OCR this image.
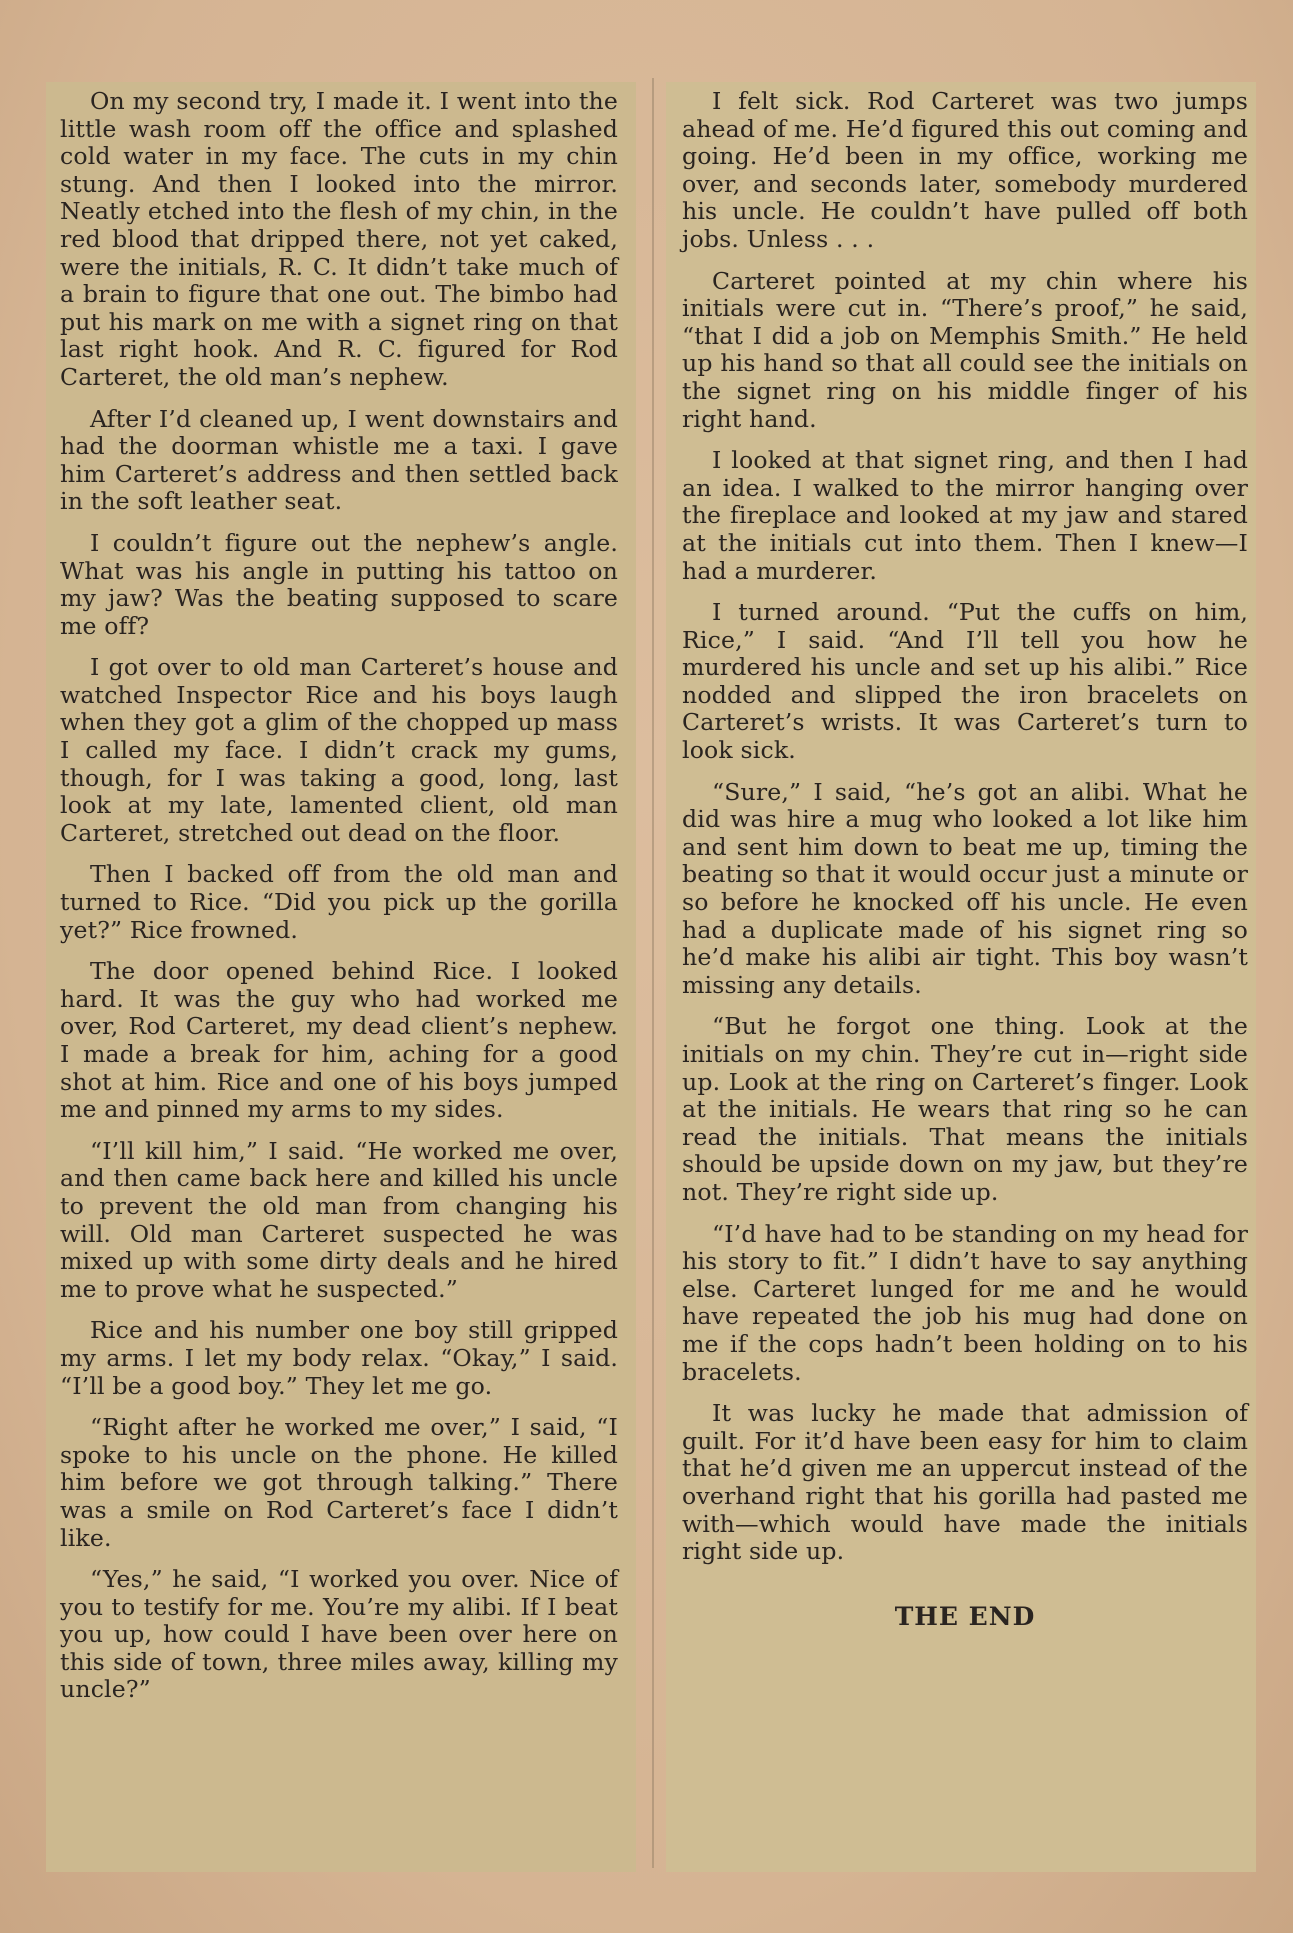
On my second try, I made it. I went into the little wash room off the office and splashed cold water in my face. The cuts in my chin stung. And then I looked into the mirror. Neatly etched into the flesh of my chin, in the red blood that dripped there, not yet caked, were the initials, R. C. It didn’t take much of a brain to figure that one out. The bimbo had put his mark on me with a signet ring on that last right hook. And R. C. figured for Rod Carteret, the old man’s nephew.

After I’d cleaned up, I went downstairs and had the doorman whistle me a taxi. I gave him Carteret’s address and then settled back in the soft leather seat.

I couldn’t figure out the nephew’s angle. What was his angle in putting his tattoo on my jaw? Was the beating supposed to scare me off?

I got over to old man Carteret’s house and watched Inspector Rice and his boys laugh when they got a glim of the chopped up mass I called my face. I didn’t crack my gums, though, for I was taking a good, long, last look at my late, lamented client, old man Carteret, stretched out dead on the floor.

Then I backed off from the old man and turned to Rice. “Did you pick up the gorilla yet?” Rice frowned.

The door opened behind Rice. I looked hard. It was the guy who had worked me over, Rod Carteret, my dead client’s nephew. I made a break for him, aching for a good shot at him. Rice and one of his boys jumped me and pinned my arms to my sides.

“I’ll kill him,” I said. “He worked me over, and then came back here and killed his uncle to prevent the old man from changing his will. Old man Carteret suspected he was mixed up with some dirty deals and he hired me to prove what he suspected.”

Rice and his number one boy still gripped my arms. I let my body relax. “Okay,” I said. “I’ll be a good boy.” They let me go.

“Right after he worked me over,” I said, “I spoke to his uncle on the phone. He killed him before we got through talking.” There was a smile on Rod Carteret’s face I didn’t like.

“Yes,” he said, “I worked you over. Nice of you to testify for me. You’re my alibi. If I beat you up, how could I have been over here on this side of town, three miles away, killing my uncle?”

I felt sick. Rod Carteret was two jumps ahead of me. He’d figured this out coming and going. He’d been in my office, working me over, and seconds later, somebody murdered his uncle. He couldn’t have pulled off both jobs. Unless . . .

Carteret pointed at my chin where his initials were cut in. “There’s proof,” he said, “that I did a job on Memphis Smith.” He held up his hand so that all could see the initials on the signet ring on his middle finger of his right hand.

I looked at that signet ring, and then I had an idea. I walked to the mirror hanging over the fireplace and looked at my jaw and stared at the initials cut into them. Then I knew—I had a murderer.

I turned around. “Put the cuffs on him, Rice,” I said. “And I’ll tell you how he murdered his uncle and set up his alibi.” Rice nodded and slipped the iron bracelets on Carteret’s wrists. It was Carteret’s turn to look sick.

“Sure,” I said, “he’s got an alibi. What he did was hire a mug who looked a lot like him and sent him down to beat me up, timing the beating so that it would occur just a minute or so before he knocked off his uncle. He even had a duplicate made of his signet ring so he’d make his alibi air tight. This boy wasn’t missing any details.

“But he forgot one thing. Look at the initials on my chin. They’re cut in—right side up. Look at the ring on Carteret’s finger. Look at the initials. He wears that ring so he can read the initials. That means the initials should be upside down on my jaw, but they’re not. They’re right side up.

“I’d have had to be standing on my head for his story to fit.” I didn’t have to say anything else. Carteret lunged for me and he would have repeated the job his mug had done on me if the cops hadn’t been holding on to his bracelets.

It was lucky he made that admission of guilt. For it’d have been easy for him to claim that he’d given me an uppercut instead of the overhand right that his gorilla had pasted me with—which would have made the initials right side up.

THE END
